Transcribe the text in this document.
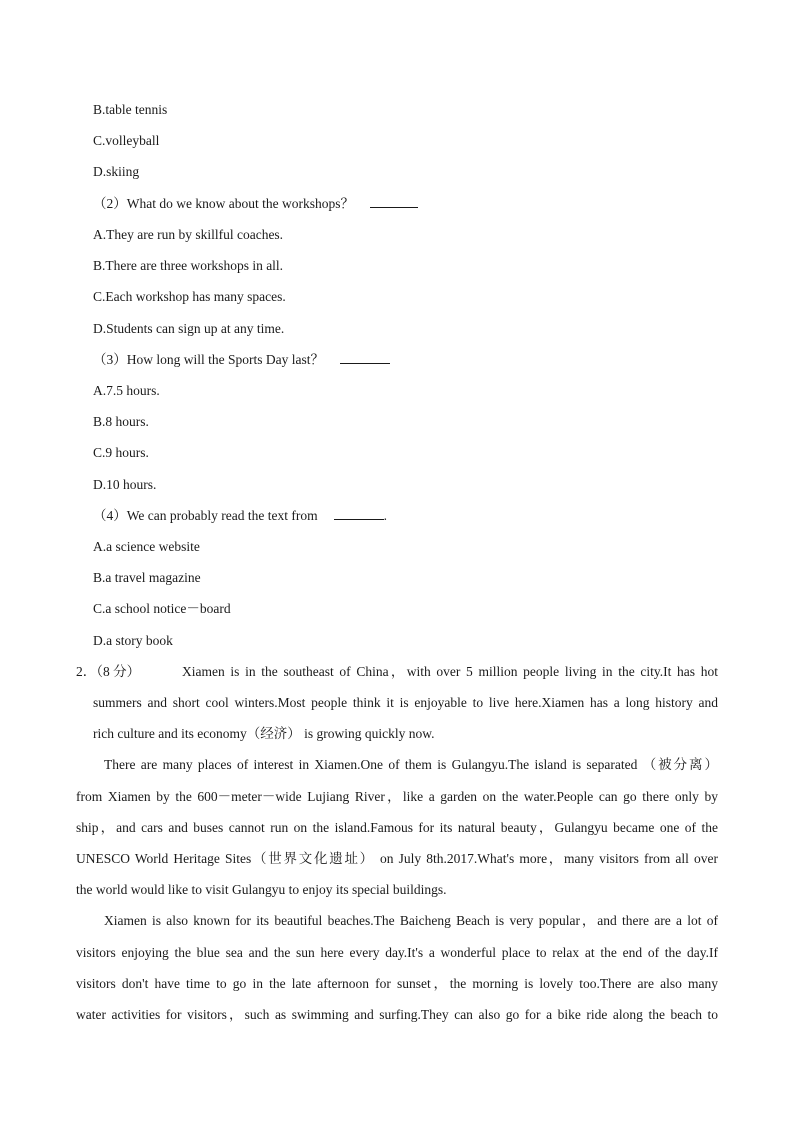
B.table tennis
C.volleyball
D.skiing
（2）What do we know about the workshops？
A.They are run by skillful coaches.
B.There are three workshops in all.
C.Each workshop has many spaces.
D.Students can sign up at any time.
（3）How long will the Sports Day last？
A.7.5 hours.
B.8 hours.
C.9 hours.
D.10 hours.
（4）We can probably read the text from	.
A.a science website
B.a travel magazine
C.a school notice－board
D.a story book
2．（8 分）	Xiamen is in the southeast of China，with over 5 million people living in the city.It has hot
summers and short cool winters.Most people think it is enjoyable to live here.Xiamen has a long history and
rich culture and its economy（经济） is growing quickly now.
There are many places of interest in Xiamen.One of them is Gulangyu.The island is separated （被分离）
from Xiamen by the 600－meter－wide Lujiang River，like a garden on the water.People can go there only by
ship，and cars and buses cannot run on the island.Famous for its natural beauty，Gulangyu became one of the
UNESCO World Heritage Sites（世界文化遗址） on July 8th.2017.What's more，many visitors from all over
the world would like to visit Gulangyu to enjoy its special buildings.
Xiamen is also known for its beautiful beaches.The Baicheng Beach is very popular，and there are a lot of
visitors enjoying the blue sea and the sun here every day.It's a wonderful place to relax at the end of the day.If
visitors don't have time to go in the late afternoon for sunset，the morning is lovely too.There are also many
water activities for visitors，such as swimming and surfing.They can also go for a bike ride along the beach to
